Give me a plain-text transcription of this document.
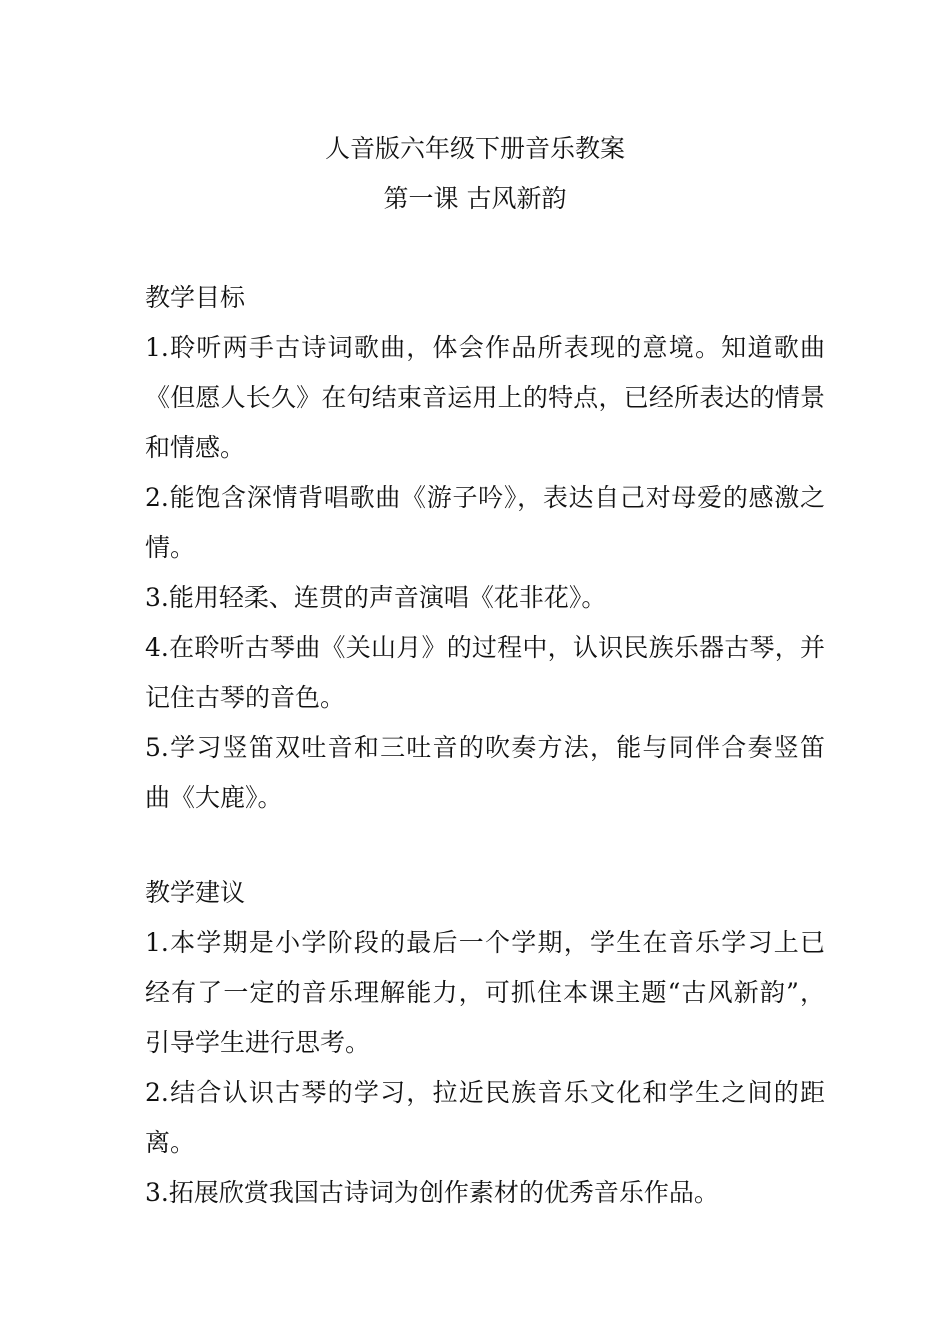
人音版六年级下册音乐教案
第一课 古风新韵
教学目标
1.聆听两手古诗词歌曲，体会作品所表现的意境。知道歌曲
《但愿人长久》在句结束音运用上的特点，已经所表达的情景
和情感。
2.能饱含深情背唱歌曲《游子吟》，表达自己对母爱的感激之
情。
3.能用轻柔、连贯的声音演唱《花非花》。
4.在聆听古琴曲《关山月》的过程中，认识民族乐器古琴，并
记住古琴的音色。
5.学习竖笛双吐音和三吐音的吹奏方法，能与同伴合奏竖笛
曲《大鹿》。
教学建议
1.本学期是小学阶段的最后一个学期，学生在音乐学习上已
经有了一定的音乐理解能力，可抓住本课主题“古风新韵”，
引导学生进行思考。
2.结合认识古琴的学习，拉近民族音乐文化和学生之间的距
离。
3.拓展欣赏我国古诗词为创作素材的优秀音乐作品。
